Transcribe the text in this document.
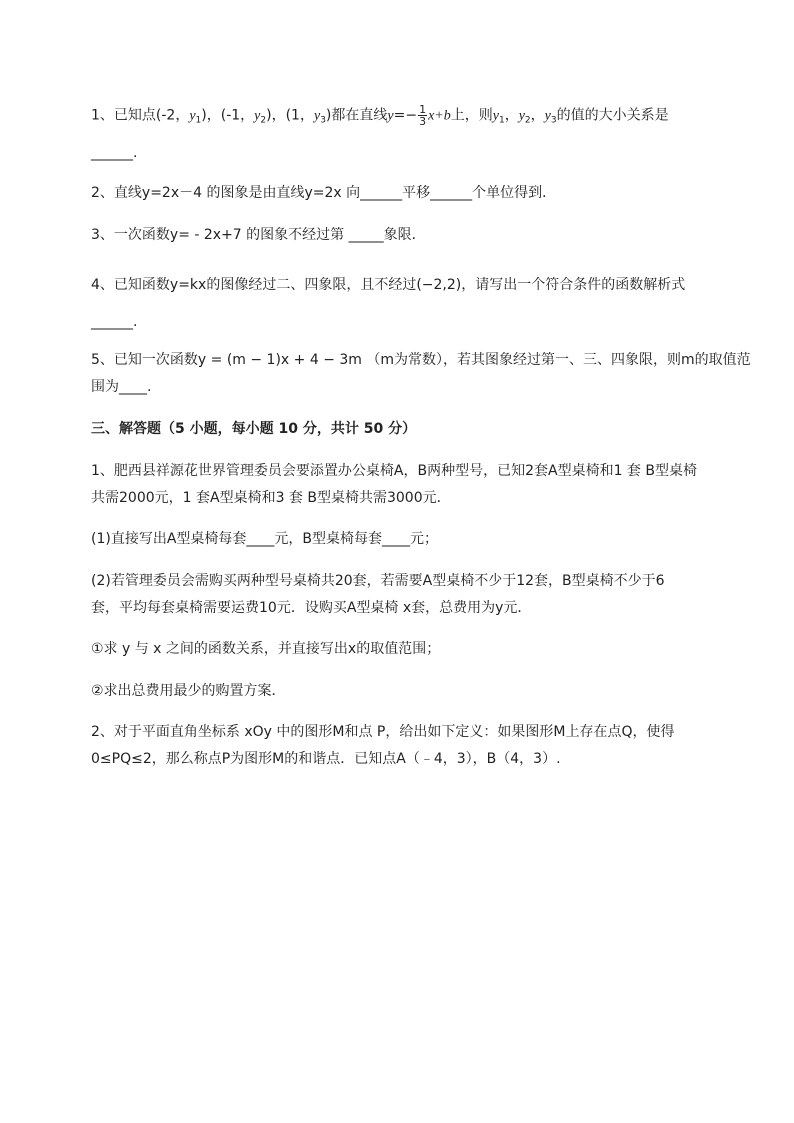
1、已知点(-2，$y_1$)，(-1，$y_2$)，(1，$y_3$)都在直线$y=- \frac{1}{3} x+b$上，则$y_1$，$y_2$，$y_3$的值的大小关系是
______.
2、直线y=2x－4 的图象是由直线y=2x 向______平移______个单位得到．
3、一次函数y= - 2x+7 的图象不经过第 _____象限．
4、已知函数y=kx的图像经过二、四象限，且不经过(−2,2)，请写出一个符合条件的函数解析式
______.
5、已知一次函数y = (m − 1)x + 4 − 3m （m为常数），若其图象经过第一、三、四象限，则m的取值范
围为____.
三、解答题（5 小题，每小题 10 分，共计 50 分）
1、肥西县祥源花世界管理委员会要添置办公桌椅A，B两种型号，已知2套A型桌椅和1 套 B型桌椅
共需2000元，1 套A型桌椅和3 套 B型桌椅共需3000元．
(1)直接写出A型桌椅每套____元，B型桌椅每套____元；
(2)若管理委员会需购买两种型号桌椅共20套，若需要A型桌椅不少于12套，B型桌椅不少于6
套，平均每套桌椅需要运费10元．设购买A型桌椅 x套，总费用为y元．
①求 y 与 x 之间的函数关系，并直接写出x的取值范围；
②求出总费用最少的购置方案．
2、对于平面直角坐标系 xOy 中的图形M和点 P，给出如下定义：如果图形M上存在点Q，使得
0≤PQ≤2，那么称点P为图形M的和谐点．已知点A（﹣4，3），B（4，3）.
